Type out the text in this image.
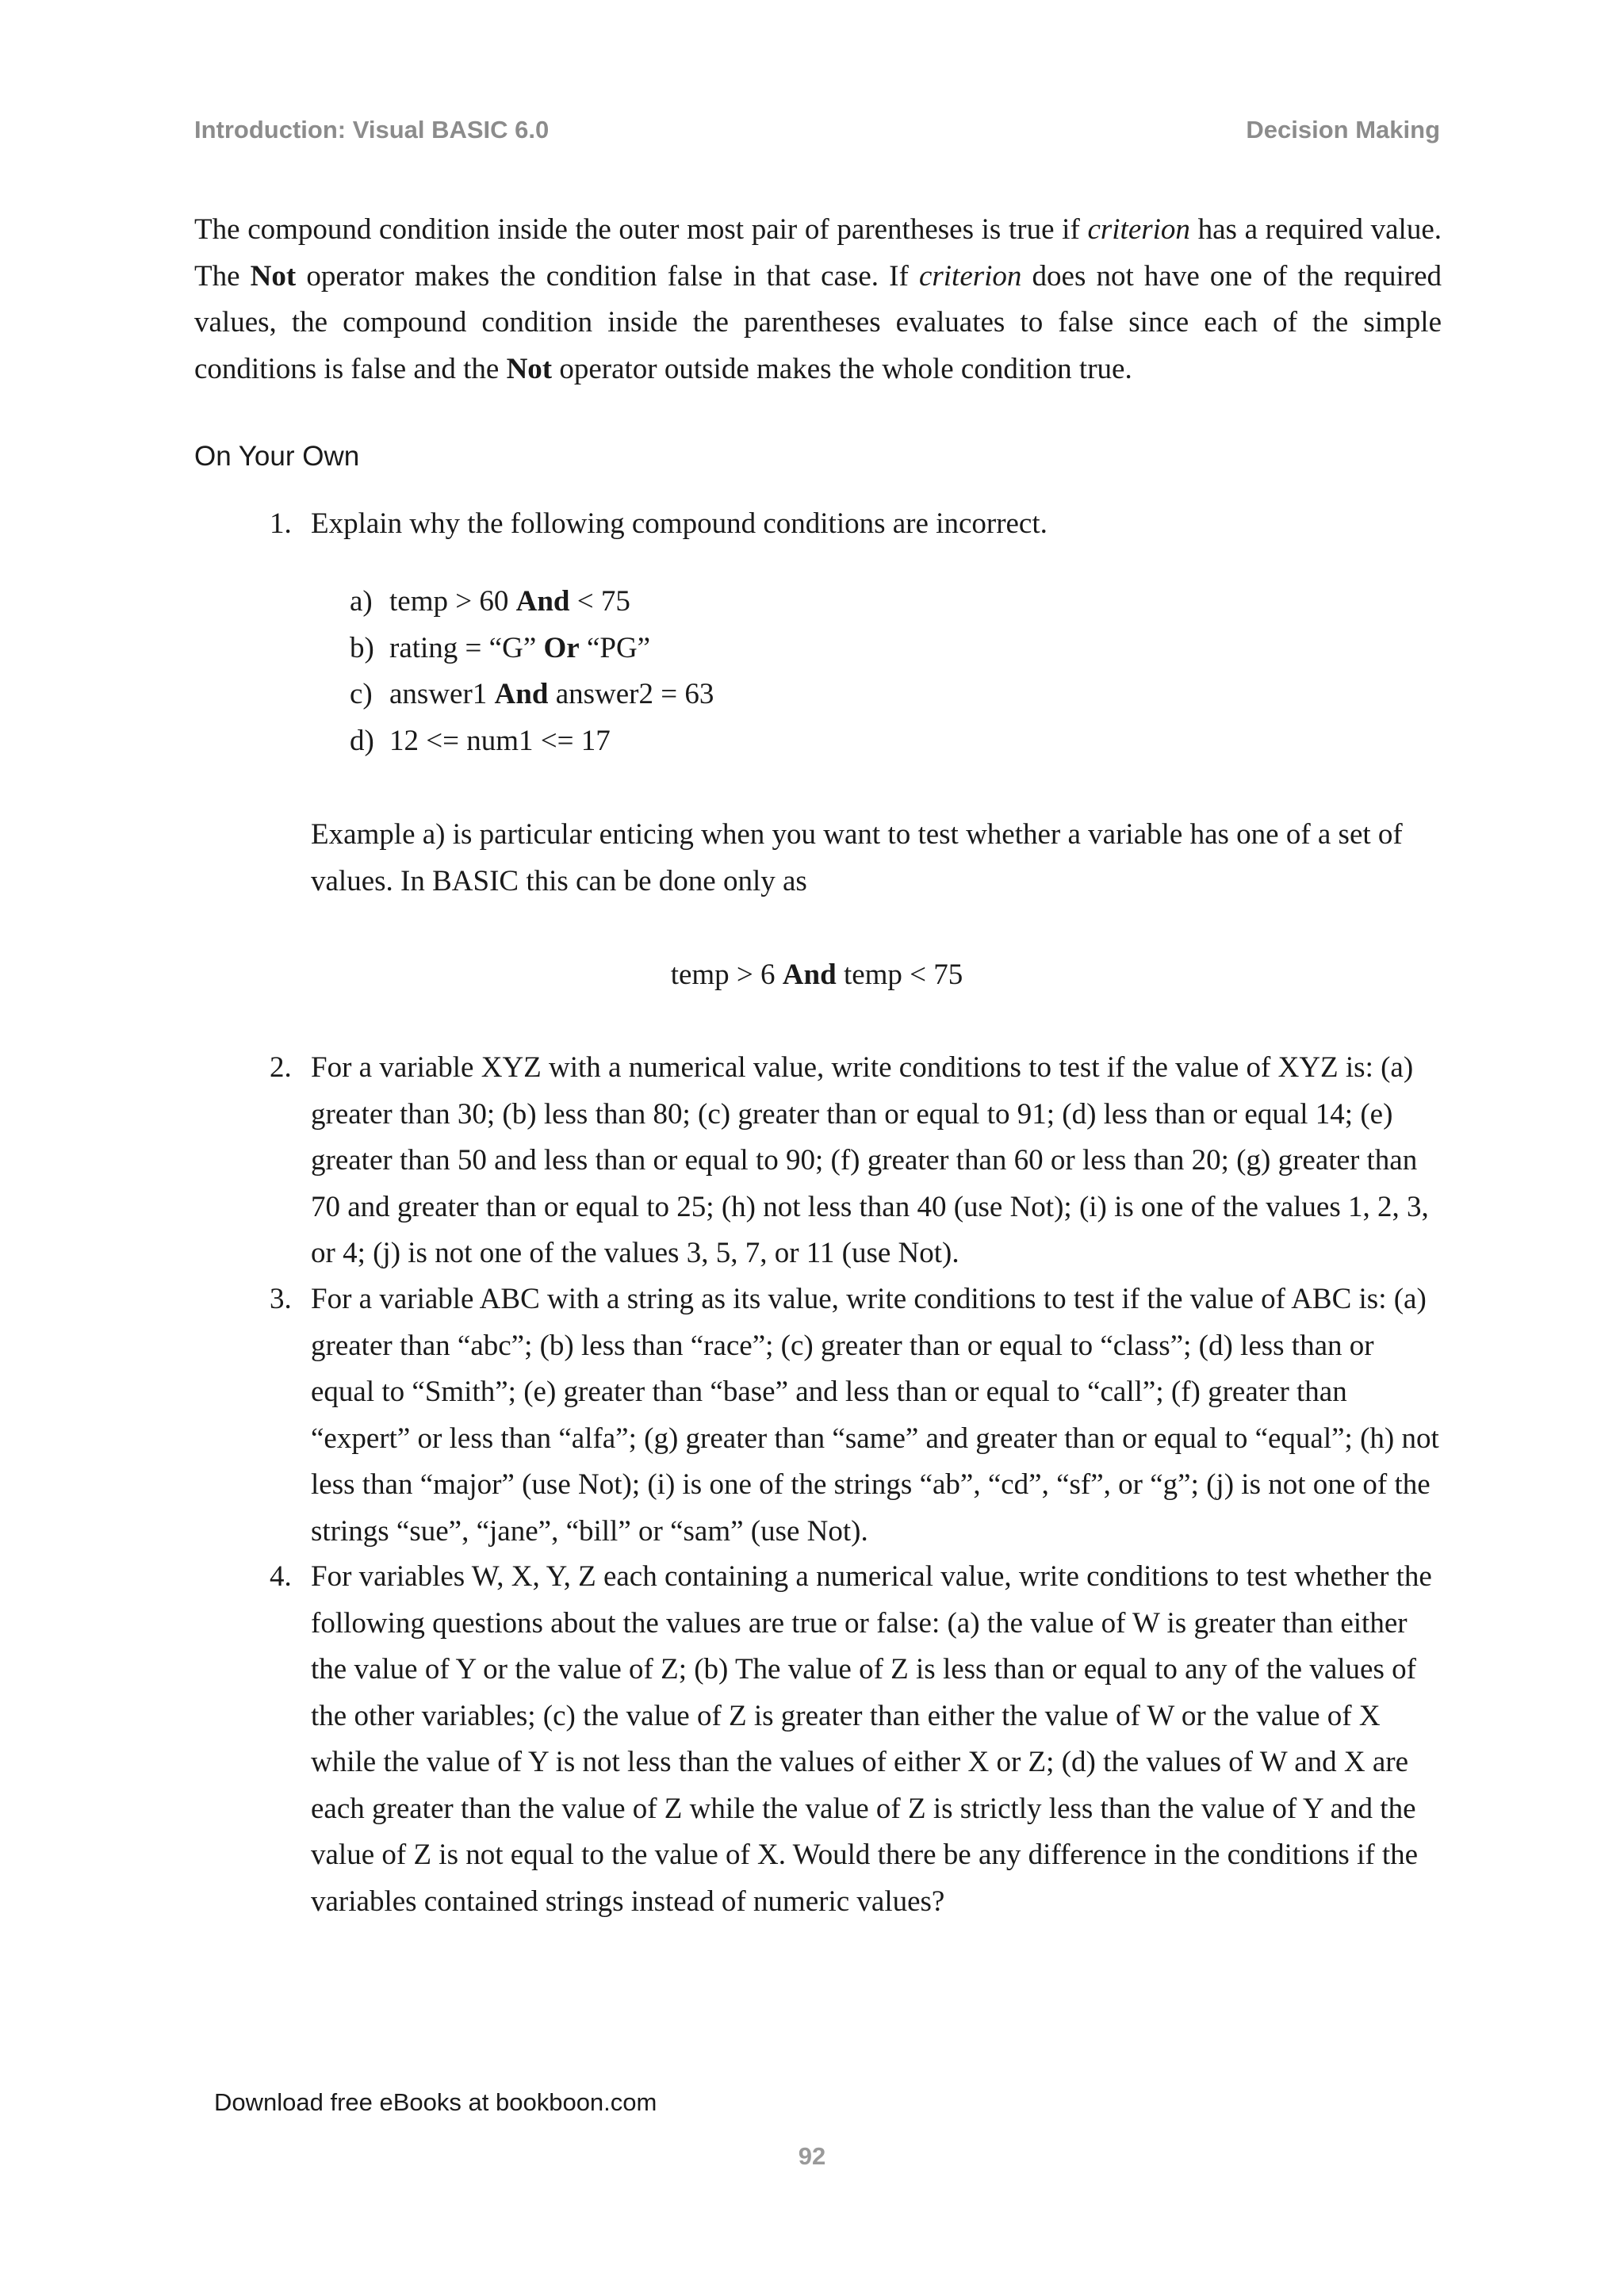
Introduction: Visual BASIC 6.0	Decision Making

The compound condition inside the outer most pair of parentheses is true if criterion has a required value. The Not operator makes the condition false in that case. If criterion does not have one of the required values, the compound condition inside the parentheses evaluates to false since each of the simple conditions is false and the Not operator outside makes the whole condition true.

On Your Own
1. Explain why the following compound conditions are incorrect.
a) temp > 60 And < 75
b) rating = “G” Or “PG”
c) answer1 And answer2 = 63
d) 12 <= num1 <= 17

Example a) is particular enticing when you want to test whether a variable has one of a set of values. In BASIC this can be done only as

temp > 6 And temp < 75
2. For a variable XYZ with a numerical value, write conditions to test if the value of XYZ is: (a) greater than 30; (b) less than 80; (c) greater than or equal to 91; (d) less than or equal 14; (e) greater than 50 and less than or equal to 90; (f) greater than 60 or less than 20; (g) greater than 70 and greater than or equal to 25; (h) not less than 40 (use Not); (i) is one of the values 1, 2, 3, or 4; (j) is not one of the values 3, 5, 7, or 11 (use Not).
3. For a variable ABC with a string as its value, write conditions to test if the value of ABC is: (a) greater than “abc”; (b) less than “race”; (c) greater than or equal to “class”; (d) less than or equal to “Smith”; (e) greater than “base” and less than or equal to “call”; (f) greater than “expert” or less than “alfa”; (g) greater than “same” and greater than or equal to “equal”; (h) not less than “major” (use Not); (i) is one of the strings “ab”, “cd”, “sf”, or “g”; (j) is not one of the strings “sue”, “jane”, “bill” or “sam” (use Not).
4. For variables W, X, Y, Z each containing a numerical value, write conditions to test whether the following questions about the values are true or false: (a) the value of W is greater than either the value of Y or the value of Z; (b) The value of Z is less than or equal to any of the values of the other variables; (c) the value of Z is greater than either the value of W or the value of X while the value of Y is not less than the values of either X or Z; (d) the values of W and X are each greater than the value of Z while the value of Z is strictly less than the value of Y and the value of Z is not equal to the value of X. Would there be any difference in the conditions if the variables contained strings instead of numeric values?
Download free eBooks at bookboon.com
92
